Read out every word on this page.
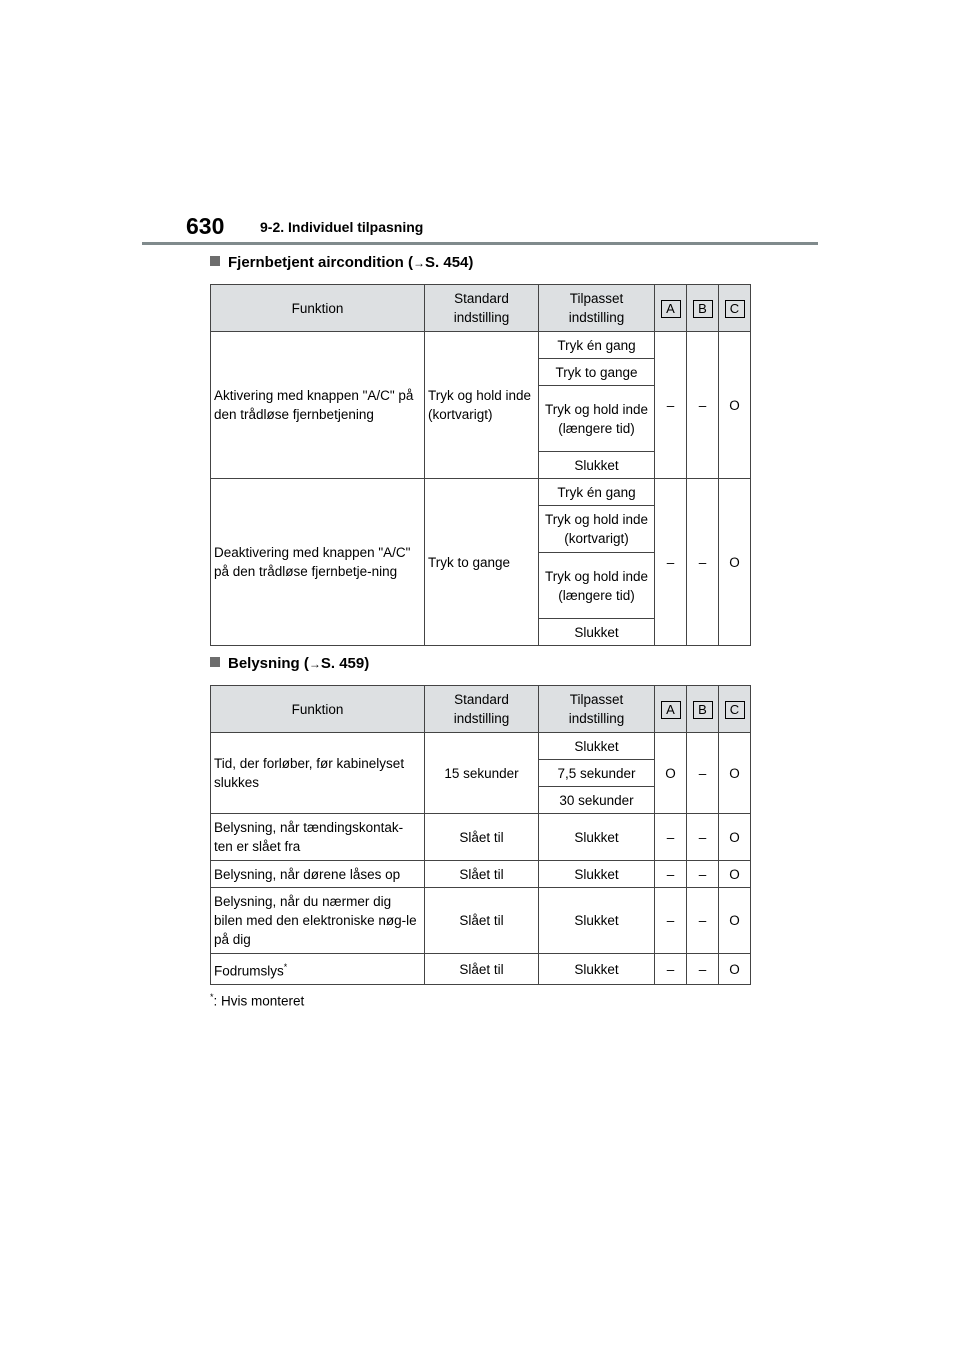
630	9-2. Individuel tilpasning
Fjernbetjent aircondition (→S. 454)
Funktion	Standard indstilling	Tilpasset indstilling	A	B	C
Aktivering med knappen "A/C" på den trådløse fjernbetjening	Tryk og hold inde (kortvarigt)	Tryk én gang	–	–	O
		Tryk to gange			
		Tryk og hold inde (længere tid)			
		Slukket			
Deaktivering med knappen "A/C" på den trådløse fjernbetje-ning	Tryk to gange	Tryk én gang	–	–	O
		Tryk og hold inde (kortvarigt)			
		Tryk og hold inde (længere tid)			
		Slukket			
Belysning (→S. 459)
Funktion	Standard indstilling	Tilpasset indstilling	A	B	C
Tid, der forløber, før kabinelyset slukkes	15 sekunder	Slukket	O	–	O
		7,5 sekunder			
		30 sekunder			
Belysning, når tændingskontak-ten er slået fra	Slået til	Slukket	–	–	O
Belysning, når dørene låses op	Slået til	Slukket	–	–	O
Belysning, når du nærmer dig bilen med den elektroniske nøg-le på dig	Slået til	Slukket	–	–	O
Fodrumslys*	Slået til	Slukket	–	–	O
*: Hvis monteret
